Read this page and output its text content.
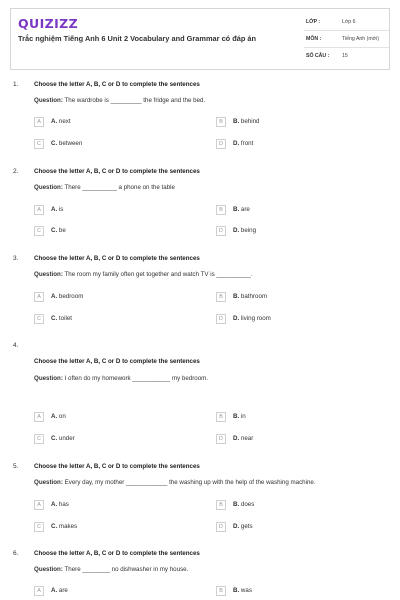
QUIZIZZ
Trắc nghiệm Tiếng Anh 6 Unit 2 Vocabulary and Grammar có đáp án
LỚP :	Lớp 6
MÔN :	Tiếng Anh (mới)
SỐ CÂU : 15
1.	Choose the letter A, B, C or D to complete the sentences
Question: The wardrobe is _________ the fridge and the bed.
A	A. next	B	B. behind
C	C. between	D	D. front
2.	Choose the letter A, B, C or D to complete the sentences
Question: There __________ a phone on the table
A	A. is	B	B. are
C	C. be	D	D. being
3.	Choose the letter A, B, C or D to complete the sentences
Question: The room my family often get together and watch TV is __________.
A	A. bedroom	B	B. bathroom
C	C. toilet	D	D. living room
4.
Choose the letter A, B, C or D to complete the sentences
Question: I often do my homework ___________ my bedroom.
A	A. on	B	B. in
C	C. under	D	D. near
5.	Choose the letter A, B, C or D to complete the sentences
Question: Every day, my mother ____________ the washing up with the help of the washing machine.
A	A. has	B	B. does
C	C. makes	D	D. gets
6.	Choose the letter A, B, C or D to complete the sentences
Question: There ________ no dishwasher in my house.
A	A. are	B	B. was
